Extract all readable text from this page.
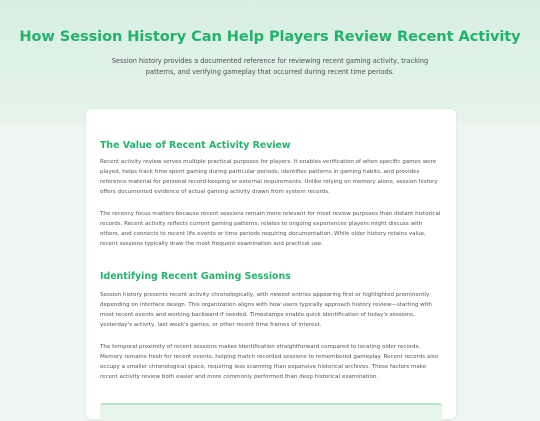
How Session History Can Help Players Review Recent Activity

Session history provides a documented reference for reviewing recent gaming activity, tracking patterns, and verifying gameplay that occurred during recent time periods.

The Value of Recent Activity Review

Recent activity review serves multiple practical purposes for players. It enables verification of when specific games were played, helps track time spent gaming during particular periods, identifies patterns in gaming habits, and provides reference material for personal record-keeping or external requirements. Unlike relying on memory alone, session history offers documented evidence of actual gaming activity drawn from system records.

The recency focus matters because recent sessions remain more relevant for most review purposes than distant historical records. Recent activity reflects current gaming patterns, relates to ongoing experiences players might discuss with others, and connects to recent life events or time periods requiring documentation. While older history retains value, recent sessions typically draw the most frequent examination and practical use.

Identifying Recent Gaming Sessions

Session history presents recent activity chronologically, with newest entries appearing first or highlighted prominently depending on interface design. This organization aligns with how users typically approach history review—starting with most recent events and working backward if needed. Timestamps enable quick identification of today's sessions, yesterday's activity, last week's games, or other recent time frames of interest.

The temporal proximity of recent sessions makes identification straightforward compared to locating older records. Memory remains fresh for recent events, helping match recorded sessions to remembered gameplay. Recent records also occupy a smaller chronological space, requiring less scanning than expansive historical archives. These factors make recent activity review both easier and more commonly performed than deep historical examination.
